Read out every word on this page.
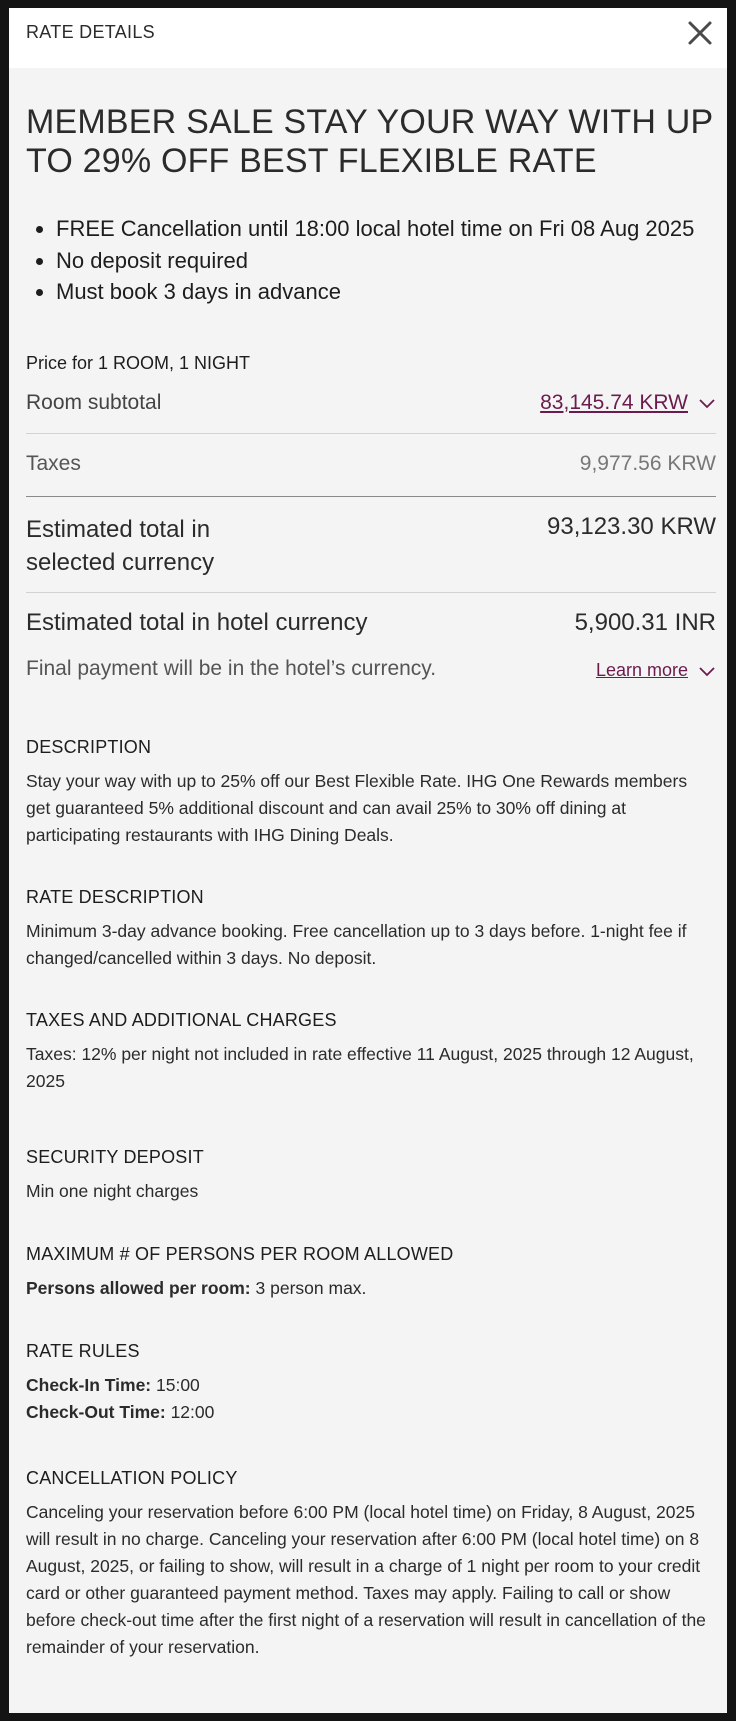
RATE DETAILS
MEMBER SALE STAY YOUR WAY WITH UP TO 29% OFF BEST FLEXIBLE RATE
• FREE Cancellation until 18:00 local hotel time on Fri 08 Aug 2025
• No deposit required
• Must book 3 days in advance
Price for 1 ROOM, 1 NIGHT
Room subtotal	83,145.74 KRW
Taxes	9,977.56 KRW
Estimated total in selected currency
93,123.30 KRW
Estimated total in hotel currency	5,900.31 INR
Final payment will be in the hotel’s currency.	Learn more
DESCRIPTION
Stay your way with up to 25% off our Best Flexible Rate. IHG One Rewards members get guaranteed 5% additional discount and can avail 25% to 30% off dining at participating restaurants with IHG Dining Deals.
RATE DESCRIPTION
Minimum 3-day advance booking. Free cancellation up to 3 days before. 1-night fee if changed/cancelled within 3 days. No deposit.
TAXES AND ADDITIONAL CHARGES
Taxes: 12% per night not included in rate effective 11 August, 2025 through 12 August, 2025
SECURITY DEPOSIT
Min one night charges
MAXIMUM # OF PERSONS PER ROOM ALLOWED
Persons allowed per room: 3 person max.
RATE RULES
Check-In Time: 15:00
Check-Out Time: 12:00
CANCELLATION POLICY
Canceling your reservation before 6:00 PM (local hotel time) on Friday, 8 August, 2025 will result in no charge. Canceling your reservation after 6:00 PM (local hotel time) on 8 August, 2025, or failing to show, will result in a charge of 1 night per room to your credit card or other guaranteed payment method. Taxes may apply. Failing to call or show before check-out time after the first night of a reservation will result in cancellation of the remainder of your reservation.
